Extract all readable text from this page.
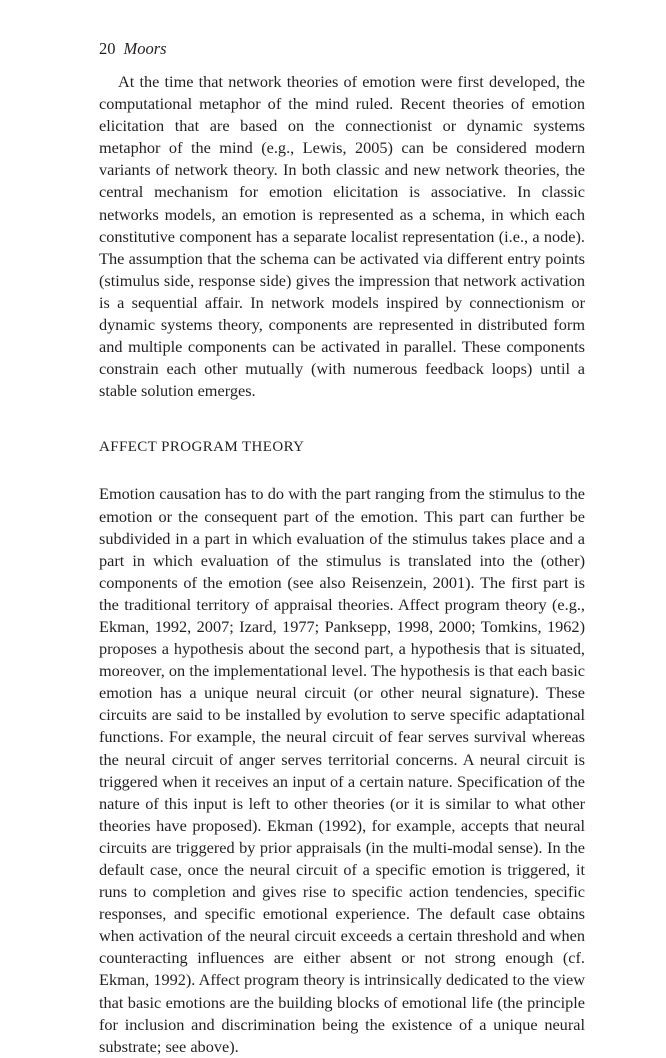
20 Moors

At the time that network theories of emotion were first developed, the computational metaphor of the mind ruled. Recent theories of emotion elicitation that are based on the connectionist or dynamic systems metaphor of the mind (e.g., Lewis, 2005) can be considered modern variants of network theory. In both classic and new network theories, the central mechanism for emotion elicitation is associative. In classic networks models, an emotion is represented as a schema, in which each constitutive component has a separate localist representation (i.e., a node). The assumption that the schema can be activated via different entry points (stimulus side, response side) gives the impression that network activation is a sequential affair. In network models inspired by connectionism or dynamic systems theory, components are represented in distributed form and multiple components can be activated in parallel. These components constrain each other mutually (with numerous feedback loops) until a stable solution emerges.

AFFECT PROGRAM THEORY

Emotion causation has to do with the part ranging from the stimulus to the emotion or the consequent part of the emotion. This part can further be subdivided in a part in which evaluation of the stimulus takes place and a part in which evaluation of the stimulus is translated into the (other) components of the emotion (see also Reisenzein, 2001). The first part is the traditional territory of appraisal theories. Affect program theory (e.g., Ekman, 1992, 2007; Izard, 1977; Panksepp, 1998, 2000; Tomkins, 1962) proposes a hypothesis about the second part, a hypothesis that is situated, moreover, on the implementational level. The hypothesis is that each basic emotion has a unique neural circuit (or other neural signature). These circuits are said to be installed by evolution to serve specific adaptational functions. For example, the neural circuit of fear serves survival whereas the neural circuit of anger serves territorial concerns. A neural circuit is triggered when it receives an input of a certain nature. Specification of the nature of this input is left to other theories (or it is similar to what other theories have proposed). Ekman (1992), for example, accepts that neural circuits are triggered by prior appraisals (in the multi-modal sense). In the default case, once the neural circuit of a specific emotion is triggered, it runs to completion and gives rise to specific action tendencies, specific responses, and specific emotional experience. The default case obtains when activation of the neural circuit exceeds a certain threshold and when counteracting influences are either absent or not strong enough (cf. Ekman, 1992). Affect program theory is intrinsically dedicated to the view that basic emotions are the building blocks of emotional life (the principle for inclusion and discrimination being the existence of a unique neural substrate; see above).
